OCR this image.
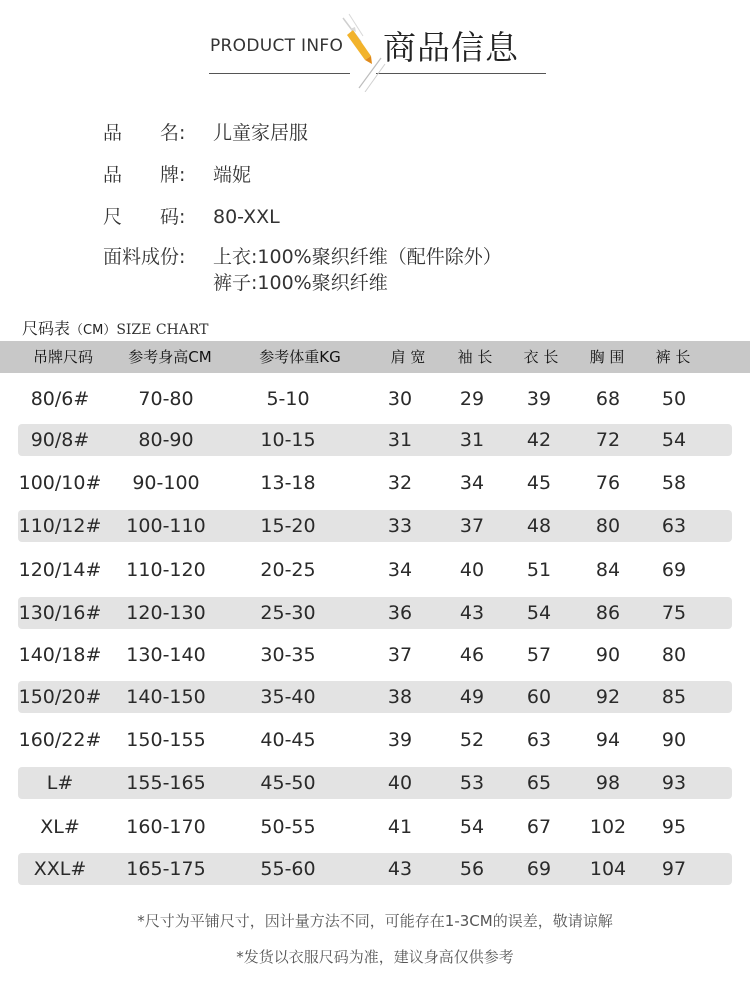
PRODUCT INFO 商品信息
品　　名: 儿童家居服
品　　牌: 端妮
尺　　码: 80-XXL
面料成份: 上衣:100%聚织纤维（配件除外）
裤子:100%聚织纤维
尺码表（CM）SIZE CHART
吊牌尺码	参考身高CM	参考体重KG	肩 宽	袖 长	衣 长	胸 围	裤 长
80/6#	70-80	5-10	30	29 39 68 50
90/8#	80-90	10-15	31	31 42 72 54
100/10# 90-100	13-18	32	34 45 76 58
110/12# 100-110	15-20	33	37 48 80 63
120/14# 110-120	20-25	34	40 51 84 69
130/16# 120-130	25-30	36	43 54 86 75
140/18# 130-140	30-35	37	46 57 90 80
150/20# 140-150	35-40	38	49 60 92 85
160/22# 150-155	40-45	39	52 63 94 90
L#	155-165	45-50	40	53 65 98 93
XL# 160-170	50-55	41	54 67 102 95
XXL# 165-175	55-60	43	56 69 104 97
*尺寸为平铺尺寸，因计量方法不同，可能存在1-3CM的误差，敬请谅解
*发货以衣服尺码为准，建议身高仅供参考
